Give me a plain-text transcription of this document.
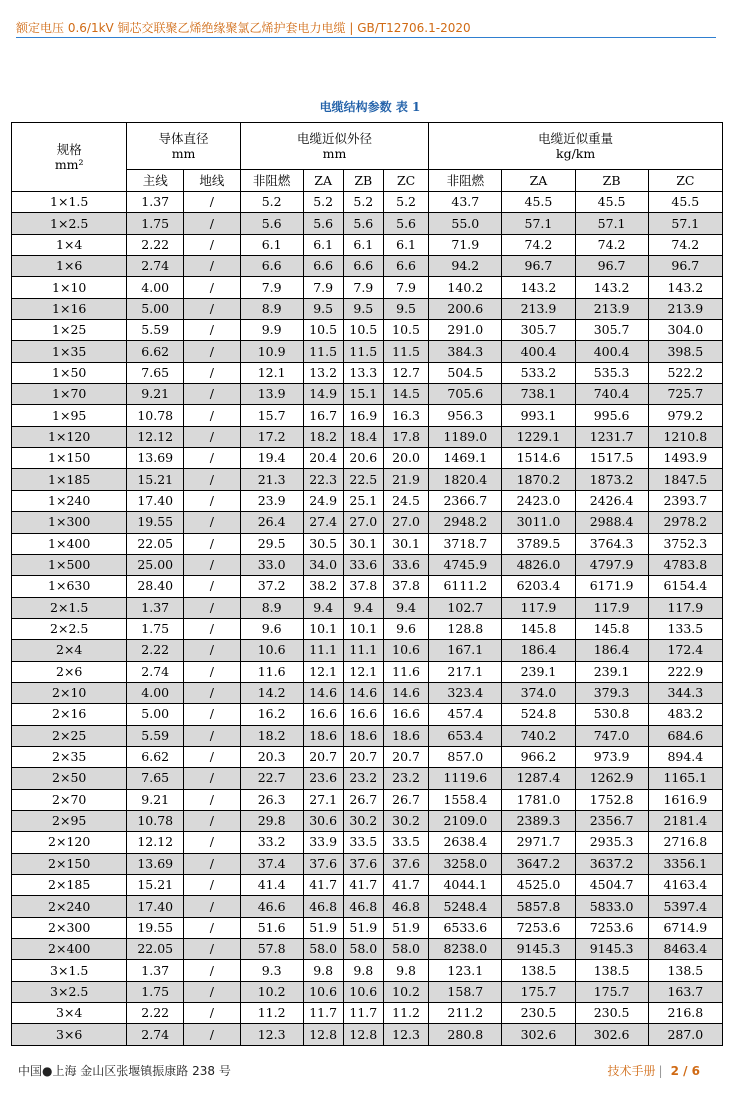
额定电压 0.6/1kV 铜芯交联聚乙烯绝缘聚氯乙烯护套电力电缆 | GB/T12706.1-2020
电缆结构参数 表 1
规格
mm²	导体直径
mm		电缆近似外径
mm				电缆近似重量
kg/km			

	主线	地线	非阻燃	ZA	ZB	ZC	非阻燃	ZA	ZB	ZC
1×1.5	1.37	/	5.2	5.2	5.2	5.2	43.7	45.5	45.5	45.5
1×2.5	1.75	/	5.6	5.6	5.6	5.6	55.0	57.1	57.1	57.1
1×4	2.22	/	6.1	6.1	6.1	6.1	71.9	74.2	74.2	74.2
1×6	2.74	/	6.6	6.6	6.6	6.6	94.2	96.7	96.7	96.7
1×10	4.00	/	7.9	7.9	7.9	7.9	140.2	143.2	143.2	143.2
1×16	5.00	/	8.9	9.5	9.5	9.5	200.6	213.9	213.9	213.9
1×25	5.59	/	9.9	10.5	10.5	10.5	291.0	305.7	305.7	304.0
1×35	6.62	/	10.9	11.5	11.5	11.5	384.3	400.4	400.4	398.5
1×50	7.65	/	12.1	13.2	13.3	12.7	504.5	533.2	535.3	522.2
1×70	9.21	/	13.9	14.9	15.1	14.5	705.6	738.1	740.4	725.7
1×95	10.78	/	15.7	16.7	16.9	16.3	956.3	993.1	995.6	979.2
1×120	12.12	/	17.2	18.2	18.4	17.8	1189.0	1229.1	1231.7	1210.8
1×150	13.69	/	19.4	20.4	20.6	20.0	1469.1	1514.6	1517.5	1493.9
1×185	15.21	/	21.3	22.3	22.5	21.9	1820.4	1870.2	1873.2	1847.5
1×240	17.40	/	23.9	24.9	25.1	24.5	2366.7	2423.0	2426.4	2393.7
1×300	19.55	/	26.4	27.4	27.0	27.0	2948.2	3011.0	2988.4	2978.2
1×400	22.05	/	29.5	30.5	30.1	30.1	3718.7	3789.5	3764.3	3752.3
1×500	25.00	/	33.0	34.0	33.6	33.6	4745.9	4826.0	4797.9	4783.8
1×630	28.40	/	37.2	38.2	37.8	37.8	6111.2	6203.4	6171.9	6154.4
2×1.5	1.37	/	8.9	9.4	9.4	9.4	102.7	117.9	117.9	117.9
2×2.5	1.75	/	9.6	10.1	10.1	9.6	128.8	145.8	145.8	133.5
2×4	2.22	/	10.6	11.1	11.1	10.6	167.1	186.4	186.4	172.4
2×6	2.74	/	11.6	12.1	12.1	11.6	217.1	239.1	239.1	222.9
2×10	4.00	/	14.2	14.6	14.6	14.6	323.4	374.0	379.3	344.3
2×16	5.00	/	16.2	16.6	16.6	16.6	457.4	524.8	530.8	483.2
2×25	5.59	/	18.2	18.6	18.6	18.6	653.4	740.2	747.0	684.6
2×35	6.62	/	20.3	20.7	20.7	20.7	857.0	966.2	973.9	894.4
2×50	7.65	/	22.7	23.6	23.2	23.2	1119.6	1287.4	1262.9	1165.1
2×70	9.21	/	26.3	27.1	26.7	26.7	1558.4	1781.0	1752.8	1616.9
2×95	10.78	/	29.8	30.6	30.2	30.2	2109.0	2389.3	2356.7	2181.4
2×120	12.12	/	33.2	33.9	33.5	33.5	2638.4	2971.7	2935.3	2716.8
2×150	13.69	/	37.4	37.6	37.6	37.6	3258.0	3647.2	3637.2	3356.1
2×185	15.21	/	41.4	41.7	41.7	41.7	4044.1	4525.0	4504.7	4163.4
2×240	17.40	/	46.6	46.8	46.8	46.8	5248.4	5857.8	5833.0	5397.4
2×300	19.55	/	51.6	51.9	51.9	51.9	6533.6	7253.6	7253.6	6714.9
2×400	22.05	/	57.8	58.0	58.0	58.0	8238.0	9145.3	9145.3	8463.4
3×1.5	1.37	/	9.3	9.8	9.8	9.8	123.1	138.5	138.5	138.5
3×2.5	1.75	/	10.2	10.6	10.6	10.2	158.7	175.7	175.7	163.7
3×4	2.22	/	11.2	11.7	11.7	11.2	211.2	230.5	230.5	216.8
3×6	2.74	/	12.3	12.8	12.8	12.3	280.8	302.6	302.6	287.0
中国●上海 金山区张堰镇振康路 238 号	技术手册 | 2 / 6
